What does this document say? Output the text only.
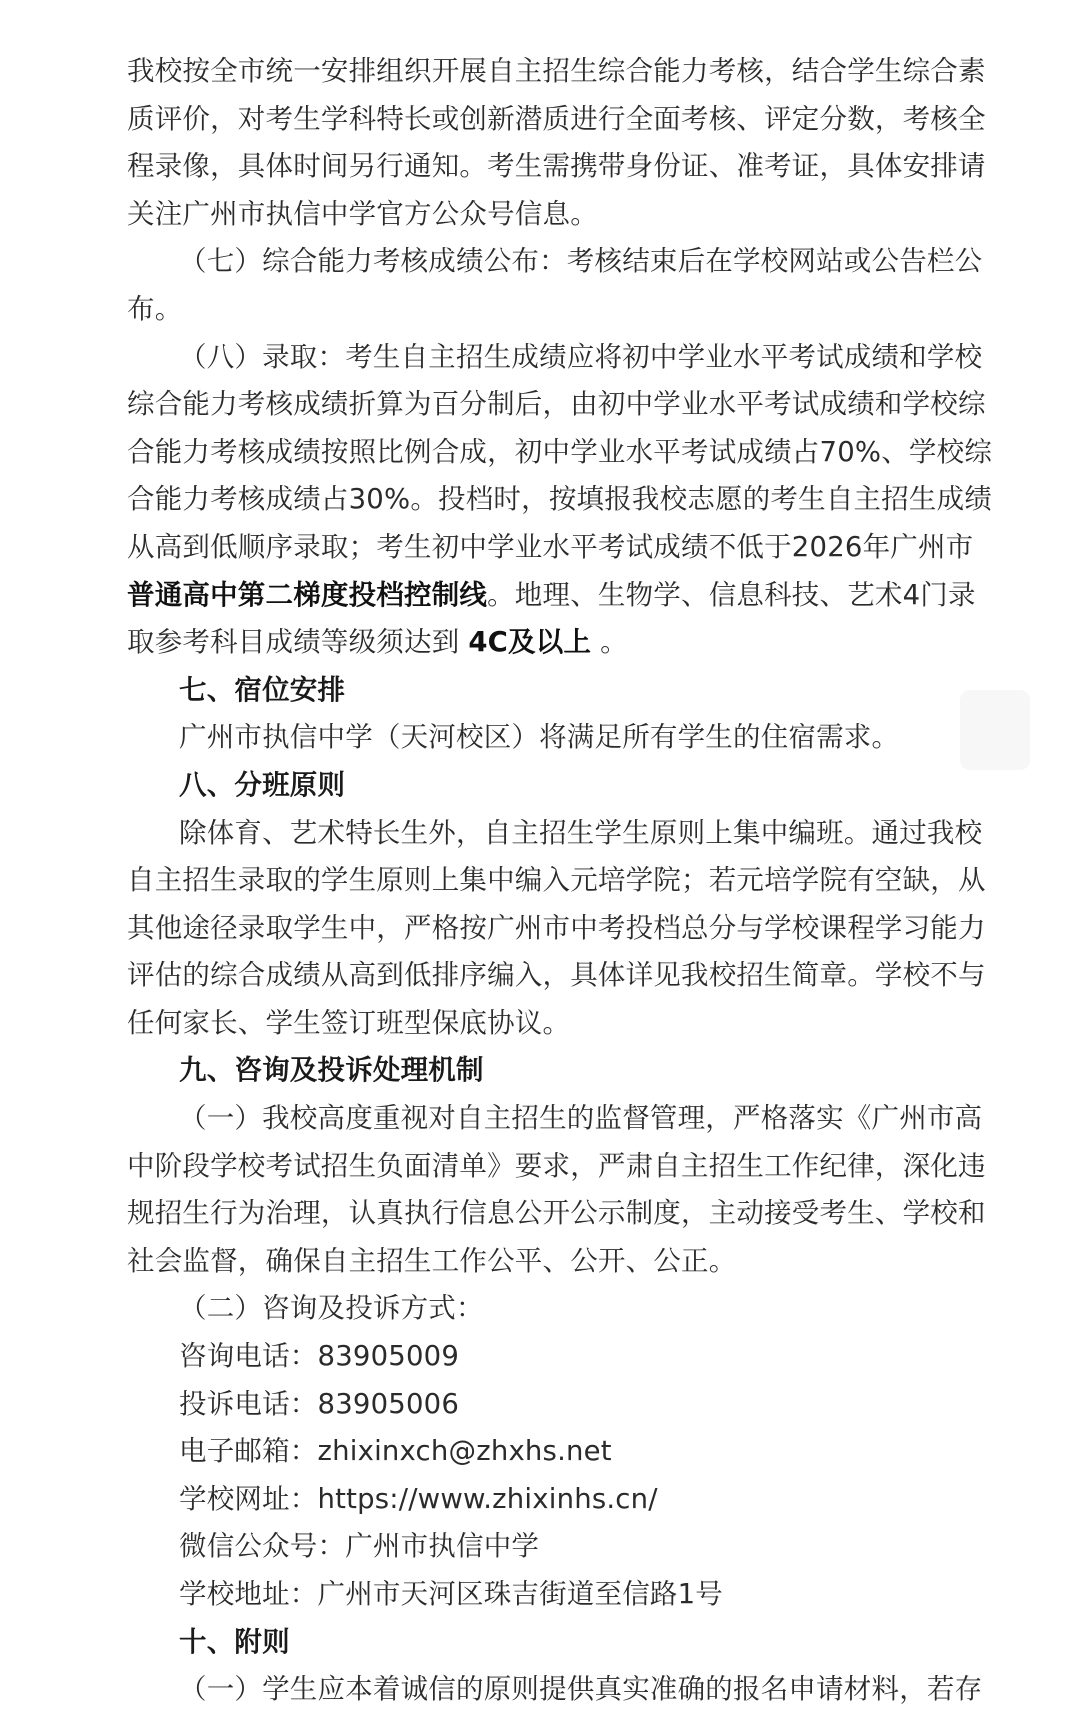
我校按全市统一安排组织开展自主招生综合能力考核，结合学生综合素
质评价，对考生学科特长或创新潜质进行全面考核、评定分数，考核全
程录像，具体时间另行通知。考生需携带身份证、准考证，具体安排请
关注广州市执信中学官方公众号信息。
（七）综合能力考核成绩公布：考核结束后在学校网站或公告栏公
布。
（八）录取：考生自主招生成绩应将初中学业水平考试成绩和学校
综合能力考核成绩折算为百分制后，由初中学业水平考试成绩和学校综
合能力考核成绩按照比例合成，初中学业水平考试成绩占70%、学校综
合能力考核成绩占30%。投档时，按填报我校志愿的考生自主招生成绩
从高到低顺序录取；考生初中学业水平考试成绩不低于2026年广州市
普通高中第二梯度投档控制线。地理、生物学、信息科技、艺术4门录
取参考科目成绩等级须达到 4C及以上 。
七、宿位安排
广州市执信中学（天河校区）将满足所有学生的住宿需求。
八、分班原则
除体育、艺术特长生外，自主招生学生原则上集中编班。通过我校
自主招生录取的学生原则上集中编入元培学院；若元培学院有空缺，从
其他途径录取学生中，严格按广州市中考投档总分与学校课程学习能力
评估的综合成绩从高到低排序编入，具体详见我校招生简章。学校不与
任何家长、学生签订班型保底协议。
九、咨询及投诉处理机制
（一）我校高度重视对自主招生的监督管理，严格落实《广州市高
中阶段学校考试招生负面清单》要求，严肃自主招生工作纪律，深化违
规招生行为治理，认真执行信息公开公示制度，主动接受考生、学校和
社会监督，确保自主招生工作公平、公开、公正。
（二）咨询及投诉方式：
咨询电话：83905009
投诉电话：83905006
电子邮箱：zhixinxch@zhxhs.net
学校网址：https://www.zhixinhs.cn/
微信公众号：广州市执信中学
学校地址：广州市天河区珠吉街道至信路1号
十、附则
（一）学生应本着诚信的原则提供真实准确的报名申请材料，若存
